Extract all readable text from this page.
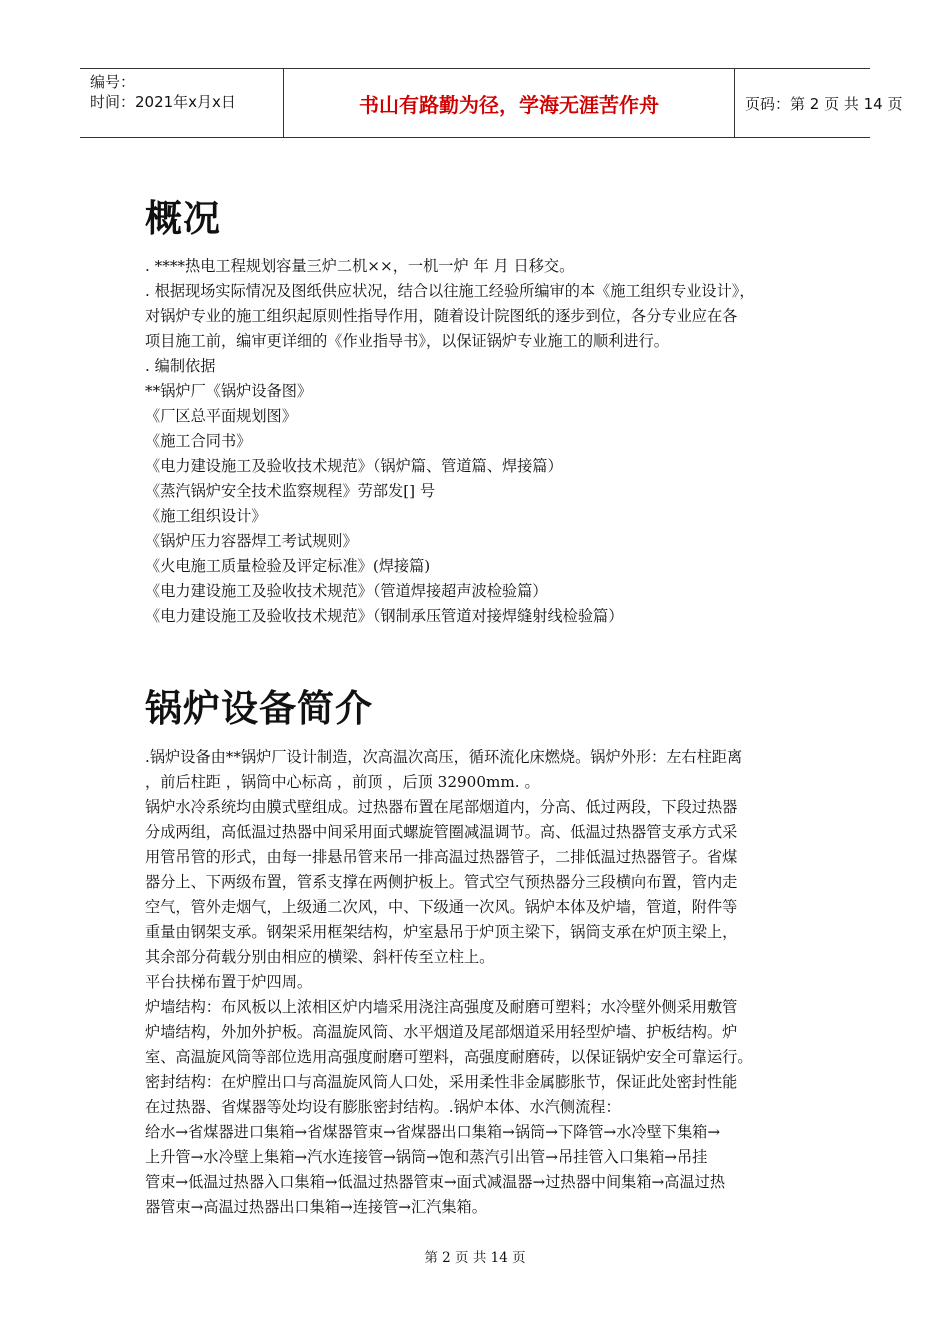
编号：
时间：2021年x月x日	书山有路勤为径，学海无涯苦作舟	页码：第 2 页 共 14 页
概况
. ****热电工程规划容量三炉二机××，一机一炉 年 月 日移交。
. 根据现场实际情况及图纸供应状况，结合以往施工经验所编审的本《施工组织专业设计》，
对锅炉专业的施工组织起原则性指导作用，随着设计院图纸的逐步到位，各分专业应在各
项目施工前，编审更详细的《作业指导书》，以保证锅炉专业施工的顺利进行。
. 编制依据
**锅炉厂《锅炉设备图》
《厂区总平面规划图》
《施工合同书》
《电力建设施工及验收技术规范》（锅炉篇、管道篇、焊接篇）
《蒸汽锅炉安全技术监察规程》劳部发[] 号
《施工组织设计》
《锅炉压力容器焊工考试规则》
《火电施工质量检验及评定标准》(焊接篇)
《电力建设施工及验收技术规范》（管道焊接超声波检验篇）
《电力建设施工及验收技术规范》（钢制承压管道对接焊缝射线检验篇）
锅炉设备简介
.锅炉设备由**锅炉厂设计制造，次高温次高压，循环流化床燃烧。锅炉外形：左右柱距离
，前后柱距 ，锅筒中心标高 ，前顶 ，后顶 32900mm. 。
锅炉水冷系统均由膜式壁组成。过热器布置在尾部烟道内，分高、低过两段，下段过热器
分成两组，高低温过热器中间采用面式螺旋管圈减温调节。高、低温过热器管支承方式采
用管吊管的形式，由每一排悬吊管来吊一排高温过热器管子，二排低温过热器管子。省煤
器分上、下两级布置，管系支撑在两侧护板上。管式空气预热器分三段横向布置，管内走
空气，管外走烟气，上级通二次风，中、下级通一次风。锅炉本体及炉墙，管道，附件等
重量由钢架支承。钢架采用框架结构，炉室悬吊于炉顶主梁下，锅筒支承在炉顶主梁上，
其余部分荷载分别由相应的横梁、斜杆传至立柱上。
平台扶梯布置于炉四周。
炉墙结构：布风板以上浓相区炉内墙采用浇注高强度及耐磨可塑料；水冷壁外侧采用敷管
炉墙结构，外加外护板。高温旋风筒、水平烟道及尾部烟道采用轻型炉墙、护板结构。炉
室、高温旋风筒等部位选用高强度耐磨可塑料，高强度耐磨砖，以保证锅炉安全可靠运行。
密封结构：在炉膛出口与高温旋风筒人口处，采用柔性非金属膨胀节，保证此处密封性能
在过热器、省煤器等处均设有膨胀密封结构。.锅炉本体、水汽侧流程：
给水→省煤器进口集箱→省煤器管束→省煤器出口集箱→锅筒→下降管→水冷壁下集箱→
上升管→水冷壁上集箱→汽水连接管→锅筒→饱和蒸汽引出管→吊挂管入口集箱→吊挂
管束→低温过热器入口集箱→低温过热器管束→面式减温器→过热器中间集箱→高温过热
器管束→高温过热器出口集箱→连接管→汇汽集箱。
第 2 页 共 14 页
